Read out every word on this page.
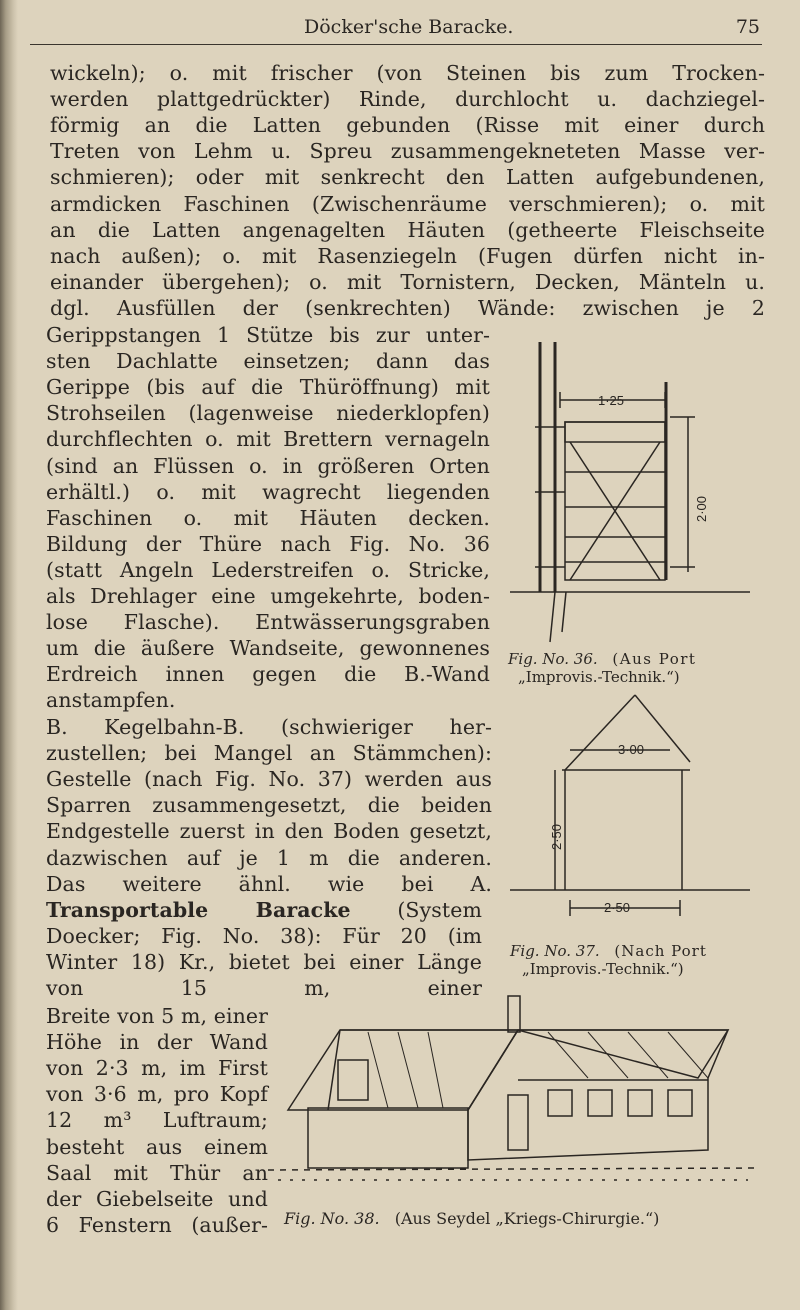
Döcker'sche Baracke.	75
wickeln); o. mit frischer (von Steinen bis zum Trocken-
werden plattgedrückter) Rinde, durchlocht u. dachziegel-
förmig an die Latten gebunden (Risse mit einer durch
Treten von Lehm u. Spreu zusammengekneteten Masse ver-
schmieren); oder mit senkrecht den Latten aufgebundenen,
armdicken Faschinen (Zwischenräume verschmieren); o. mit
an die Latten angenagelten Häuten (getheerte Fleischseite
nach außen); o. mit Rasenziegeln (Fugen dürfen nicht in-
einander übergehen); o. mit Tornistern, Decken, Mänteln u.
dgl. Ausfüllen der (senkrechten) Wände: zwischen je 2
Gerippstangen 1 Stütze bis zur unter-
sten Dachlatte einsetzen; dann das
Gerippe (bis auf die Thüröffnung) mit
Strohseilen (lagenweise niederklopfen)
durchflechten o. mit Brettern vernageln
(sind an Flüssen o. in größeren Orten
erhältl.) o. mit wagrecht liegenden
Faschinen o. mit Häuten decken.
Bildung der Thüre nach Fig. No. 36
(statt Angeln Lederstreifen o. Stricke,
als Drehlager eine umgekehrte, boden-
lose Flasche). Entwässerungsgraben
um die äußere Wandseite, gewonnenes
Erdreich innen gegen die B.-Wand
anstampfen.
B. Kegelbahn-B. (schwieriger her-
zustellen; bei Mangel an Stämmchen):
Gestelle (nach Fig. No. 37) werden aus
Sparren zusammengesetzt, die beiden
Endgestelle zuerst in den Boden gesetzt,
dazwischen auf je 1 m die anderen.
Das weitere ähnl. wie bei A.
Transportable Baracke (System
Doecker; Fig. No. 38): Für 20 (im
Winter 18) Kr., bietet bei einer Länge
von 15 m, einer
Breite von 5 m, einer
Höhe in der Wand
von 2·3 m, im First
von 3·6 m, pro Kopf
12 m³ Luftraum;
besteht aus einem
Saal mit Thür an
der Giebelseite und
6 Fenstern (außer-
1·25
2·00
Fig. No. 36. (Aus Port
„Improvis.-Technik.“)
3·00
2·50
2·50
Fig. No. 37. (Nach Port
„Improvis.-Technik.“)
Fig. No. 38. (Aus Seydel „Kriegs-Chirurgie.“)
